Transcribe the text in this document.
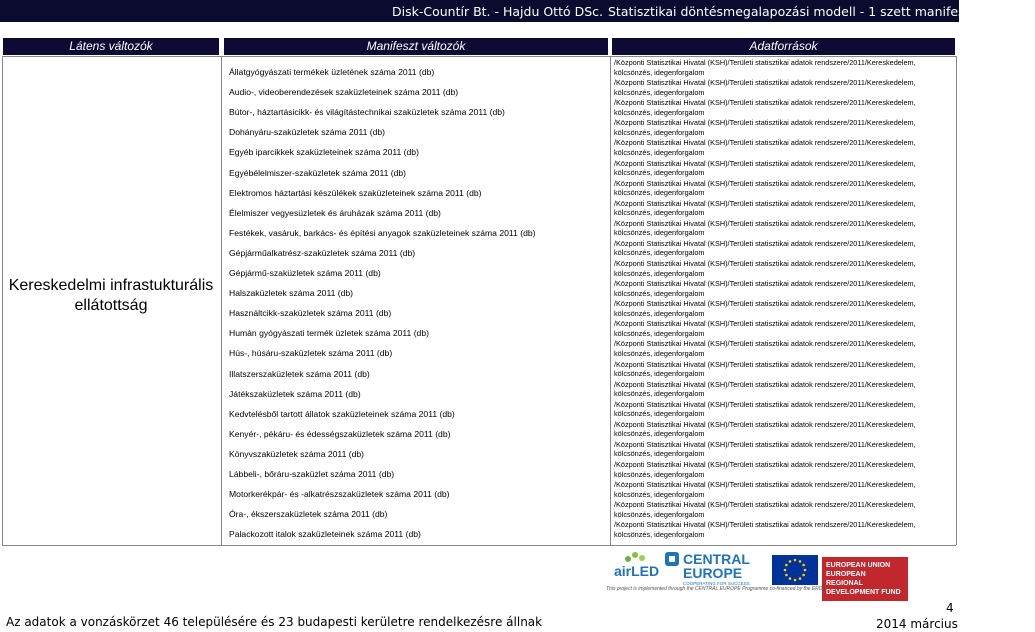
Disk-Countír Bt. - Hajdu Ottó DSc. Statisztikai döntésmegalapozási modell - 1 szett manifeszt indikátor
Látens változók	Manifeszt változók	Adatforrások
Kereskedelmi infrastukturális ellátottság
Állatgyógyászati termékek üzletének száma 2011 (db)
/Központi Statisztikai Hivatal (KSH)/Területi statisztikai adatok rendszere/2011/Kereskedelem,
kölcsönzés, idegenforgalom
Audio-, videoberendezések szaküzleteinek száma 2011 (db)
/Központi Statisztikai Hivatal (KSH)/Területi statisztikai adatok rendszere/2011/Kereskedelem,
kölcsönzés, idegenforgalom
Bútor-, háztartásicikk- és világítástechnikai szaküzletek száma 2011 (db)
/Központi Statisztikai Hivatal (KSH)/Területi statisztikai adatok rendszere/2011/Kereskedelem,
kölcsönzés, idegenforgalom
Dohányáru-szaküzletek száma 2011 (db)
/Központi Statisztikai Hivatal (KSH)/Területi statisztikai adatok rendszere/2011/Kereskedelem,
kölcsönzés, idegenforgalom
Egyéb iparcikkek szaküzleteinek száma 2011 (db)
/Központi Statisztikai Hivatal (KSH)/Területi statisztikai adatok rendszere/2011/Kereskedelem,
kölcsönzés, idegenforgalom
Egyébélelmiszer-szaküzletek száma 2011 (db)
/Központi Statisztikai Hivatal (KSH)/Területi statisztikai adatok rendszere/2011/Kereskedelem,
kölcsönzés, idegenforgalom
Elektromos háztartási készülékek szaküzleteinek száma 2011 (db)
/Központi Statisztikai Hivatal (KSH)/Területi statisztikai adatok rendszere/2011/Kereskedelem,
kölcsönzés, idegenforgalom
Élelmiszer vegyesüzletek és áruházak száma 2011 (db)
/Központi Statisztikai Hivatal (KSH)/Területi statisztikai adatok rendszere/2011/Kereskedelem,
kölcsönzés, idegenforgalom
Festékek, vasáruk, barkács- és építési anyagok szaküzleteinek száma 2011 (db)
/Központi Statisztikai Hivatal (KSH)/Területi statisztikai adatok rendszere/2011/Kereskedelem,
kölcsönzés, idegenforgalom
Gépjárműalkatrész-szaküzletek száma 2011 (db)
/Központi Statisztikai Hivatal (KSH)/Területi statisztikai adatok rendszere/2011/Kereskedelem,
kölcsönzés, idegenforgalom
Gépjármű-szaküzletek száma 2011 (db)
/Központi Statisztikai Hivatal (KSH)/Területi statisztikai adatok rendszere/2011/Kereskedelem,
kölcsönzés, idegenforgalom
Halszaküzletek száma 2011 (db)
/Központi Statisztikai Hivatal (KSH)/Területi statisztikai adatok rendszere/2011/Kereskedelem,
kölcsönzés, idegenforgalom
Használtcikk-szaküzletek száma 2011 (db)
/Központi Statisztikai Hivatal (KSH)/Területi statisztikai adatok rendszere/2011/Kereskedelem,
kölcsönzés, idegenforgalom
Humán gyógyászati termék üzletek száma 2011 (db)
/Központi Statisztikai Hivatal (KSH)/Területi statisztikai adatok rendszere/2011/Kereskedelem,
kölcsönzés, idegenforgalom
Hús-, húsáru-szaküzletek száma 2011 (db)
/Központi Statisztikai Hivatal (KSH)/Területi statisztikai adatok rendszere/2011/Kereskedelem,
kölcsönzés, idegenforgalom
Illatszerszaküzletek száma 2011 (db)
/Központi Statisztikai Hivatal (KSH)/Területi statisztikai adatok rendszere/2011/Kereskedelem,
kölcsönzés, idegenforgalom
Játékszaküzletek száma 2011 (db)
/Központi Statisztikai Hivatal (KSH)/Területi statisztikai adatok rendszere/2011/Kereskedelem,
kölcsönzés, idegenforgalom
Kedvtelésből tartott állatok szaküzleteinek száma 2011 (db)
/Központi Statisztikai Hivatal (KSH)/Területi statisztikai adatok rendszere/2011/Kereskedelem,
kölcsönzés, idegenforgalom
Kenyér-, pékáru- és édességszaküzletek száma 2011 (db)
/Központi Statisztikai Hivatal (KSH)/Területi statisztikai adatok rendszere/2011/Kereskedelem,
kölcsönzés, idegenforgalom
Könyvszaküzletek száma 2011 (db)
/Központi Statisztikai Hivatal (KSH)/Területi statisztikai adatok rendszere/2011/Kereskedelem,
kölcsönzés, idegenforgalom
Lábbeli-, bőráru-szaküzlet száma 2011 (db)
/Központi Statisztikai Hivatal (KSH)/Területi statisztikai adatok rendszere/2011/Kereskedelem,
kölcsönzés, idegenforgalom
Motorkerékpár- és -alkatrészszaküzletek száma 2011 (db)
/Központi Statisztikai Hivatal (KSH)/Területi statisztikai adatok rendszere/2011/Kereskedelem,
kölcsönzés, idegenforgalom
Óra-, ékszerszaküzletek száma 2011 (db)
/Központi Statisztikai Hivatal (KSH)/Területi statisztikai adatok rendszere/2011/Kereskedelem,
kölcsönzés, idegenforgalom
Palackozott italok szaküzleteinek száma 2011 (db)
/Központi Statisztikai Hivatal (KSH)/Területi statisztikai adatok rendszere/2011/Kereskedelem,
kölcsönzés, idegenforgalom
airLED
CENTRAL
EUROPE
COOPERATING FOR SUCCESS.
EUROPEAN UNION
EUROPEAN REGIONAL
DEVELOPMENT FUND
This project is implemented through the CENTRAL EUROPE Programme co-financed by the ERDF.
Az adatok a vonzáskörzet 46 településére és 23 budapesti kerületre rendelkezésre állnak
4
2014 március
